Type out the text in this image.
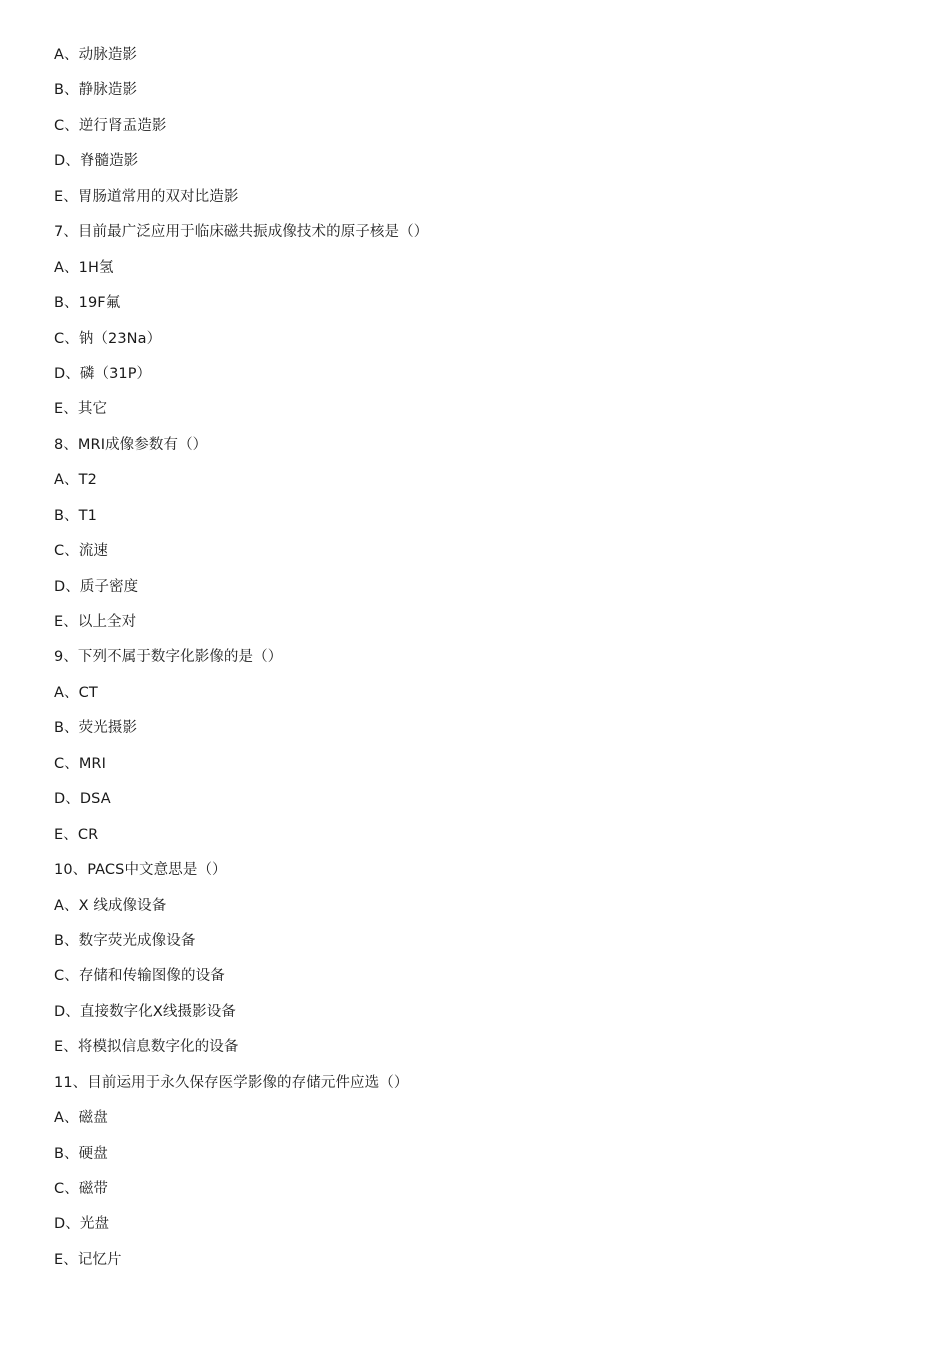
A、动脉造影
B、静脉造影
C、逆行肾盂造影
D、脊髓造影
E、胃肠道常用的双对比造影
7、目前最广泛应用于临床磁共振成像技术的原子核是（）
A、1H氢
B、19F氟
C、钠（23Na）
D、磷（31P）
E、其它
8、MRI成像参数有（）
A、T2
B、T1
C、流速
D、质子密度
E、以上全对
9、下列不属于数字化影像的是（）
A、CT
B、荧光摄影
C、MRI
D、DSA
E、CR
10、PACS中文意思是（）
A、X 线成像设备
B、数字荧光成像设备
C、存储和传输图像的设备
D、直接数字化X线摄影设备
E、将模拟信息数字化的设备
11、目前运用于永久保存医学影像的存储元件应选（）
A、磁盘
B、硬盘
C、磁带
D、光盘
E、记忆片
